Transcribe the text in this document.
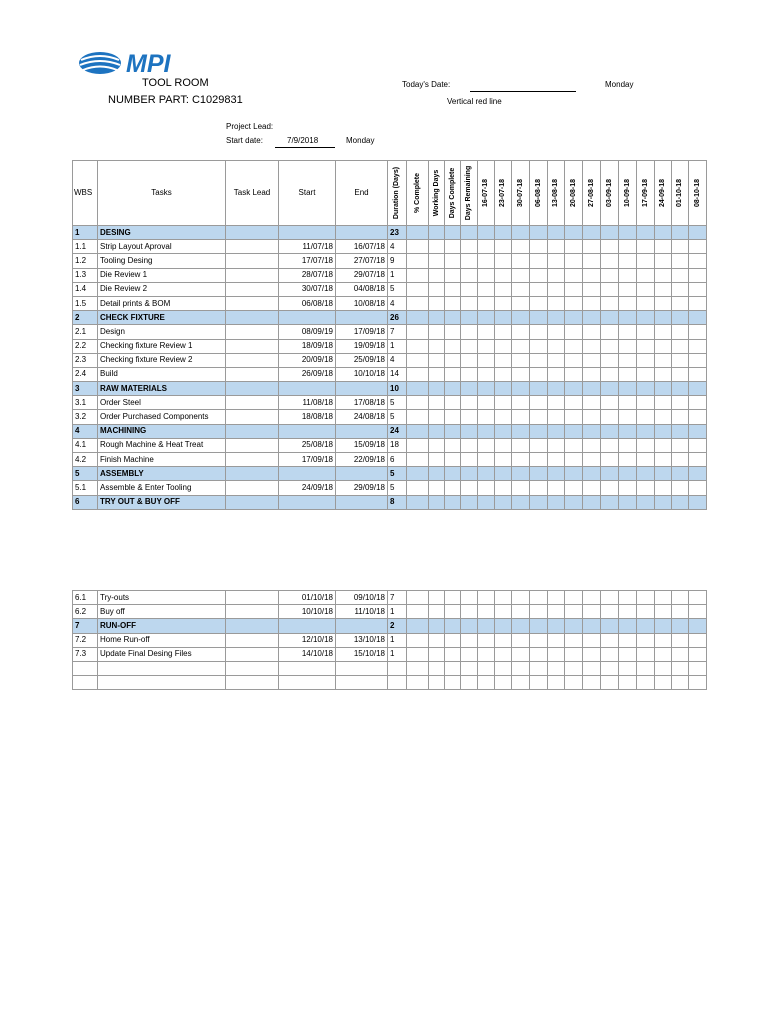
MPI
TOOL ROOM
NUMBER PART: C1029831
Today's Date:	Monday
Vertical red line
Project Lead:
Start date:	7/9/2018	Monday
WBS	Tasks	Task Lead	Start	End	Duration (Days)	% Complete	Working Days	Days Complete	Days Remaining	16-07-18	23-07-18	30-07-18	06-08-18	13-08-18	20-08-18	27-08-18	03-09-18	10-09-18	17-09-18	24-09-18	01-10-18	08-10-18

1	DESING				23																	
1.1	Strip Layout Aproval		11/07/18	16/07/18	4																	
1.2	Tooling Desing		17/07/18	27/07/18	9																	
1.3	Die Review 1		28/07/18	29/07/18	1																	
1.4	Die Review 2		30/07/18	04/08/18	5																	
1.5	Detail prints & BOM		06/08/18	10/08/18	4																	
2	CHECK FIXTURE				26																	
2.1	Design		08/09/19	17/09/18	7																	
2.2	Checking fixture Review 1		18/09/18	19/09/18	1																	
2.3	Checking fixture Review 2		20/09/18	25/09/18	4																	
2.4	Build		26/09/18	10/10/18	14																	
3	RAW MATERIALS				10																	
3.1	Order Steel		11/08/18	17/08/18	5																	
3.2	Order Purchased Components		18/08/18	24/08/18	5																	
4	MACHINING				24																	
4.1	Rough Machine & Heat Treat		25/08/18	15/09/18	18																	
4.2	Finish Machine		17/09/18	22/09/18	6																	
5	ASSEMBLY				5																	
5.1	Assemble & Enter Tooling		24/09/18	29/09/18	5																	
6	TRY OUT & BUY OFF				8																	
6.1	Try-outs		01/10/18	09/10/18	7																	
6.2	Buy off		10/10/18	11/10/18	1																	
7	RUN-OFF				2																	
7.2	Home Run-off		12/10/18	13/10/18	1																	
7.3	Update Final Desing Files		14/10/18	15/10/18	1																	
